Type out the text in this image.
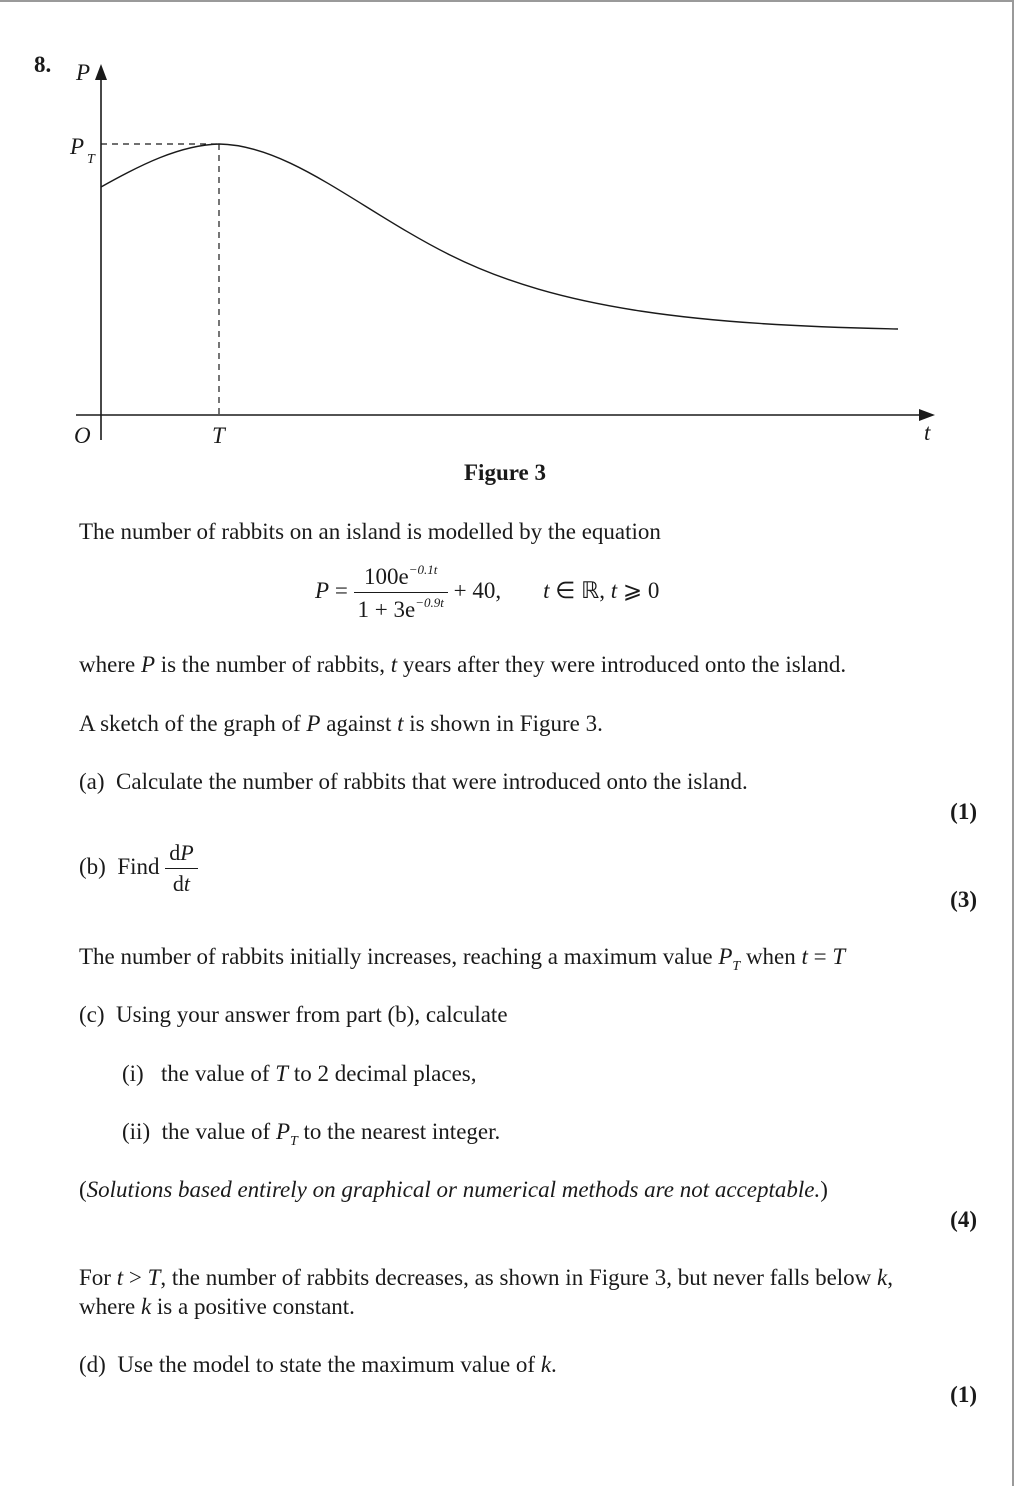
8. P
t
O	T
P
T
Figure 3
The number of rabbits on an island is modelled by the equation
$P = \frac{100e^{-0.1t}}{1 + 3e^{-0.9t}} + 40$, t ∈ ℝ, t ⩾ 0
where P is the number of rabbits, t years after they were introduced onto the island.
A sketch of the graph of P against t is shown in Figure 3.
(a) Calculate the number of rabbits that were introduced onto the island.
(1)
(b) Find $\frac{dP}{dt}$
(3)
The number of rabbits initially increases, reaching a maximum value $P_T$ when t = T
(c) Using your answer from part (b), calculate
(i) the value of T to 2 decimal places,
(ii) the value of $P_T$ to the nearest integer.
(Solutions based entirely on graphical or numerical methods are not acceptable.)
(4)
For t > T, the number of rabbits decreases, as shown in Figure 3, but never falls below k,
where k is a positive constant.
(d) Use the model to state the maximum value of k.
(1)
